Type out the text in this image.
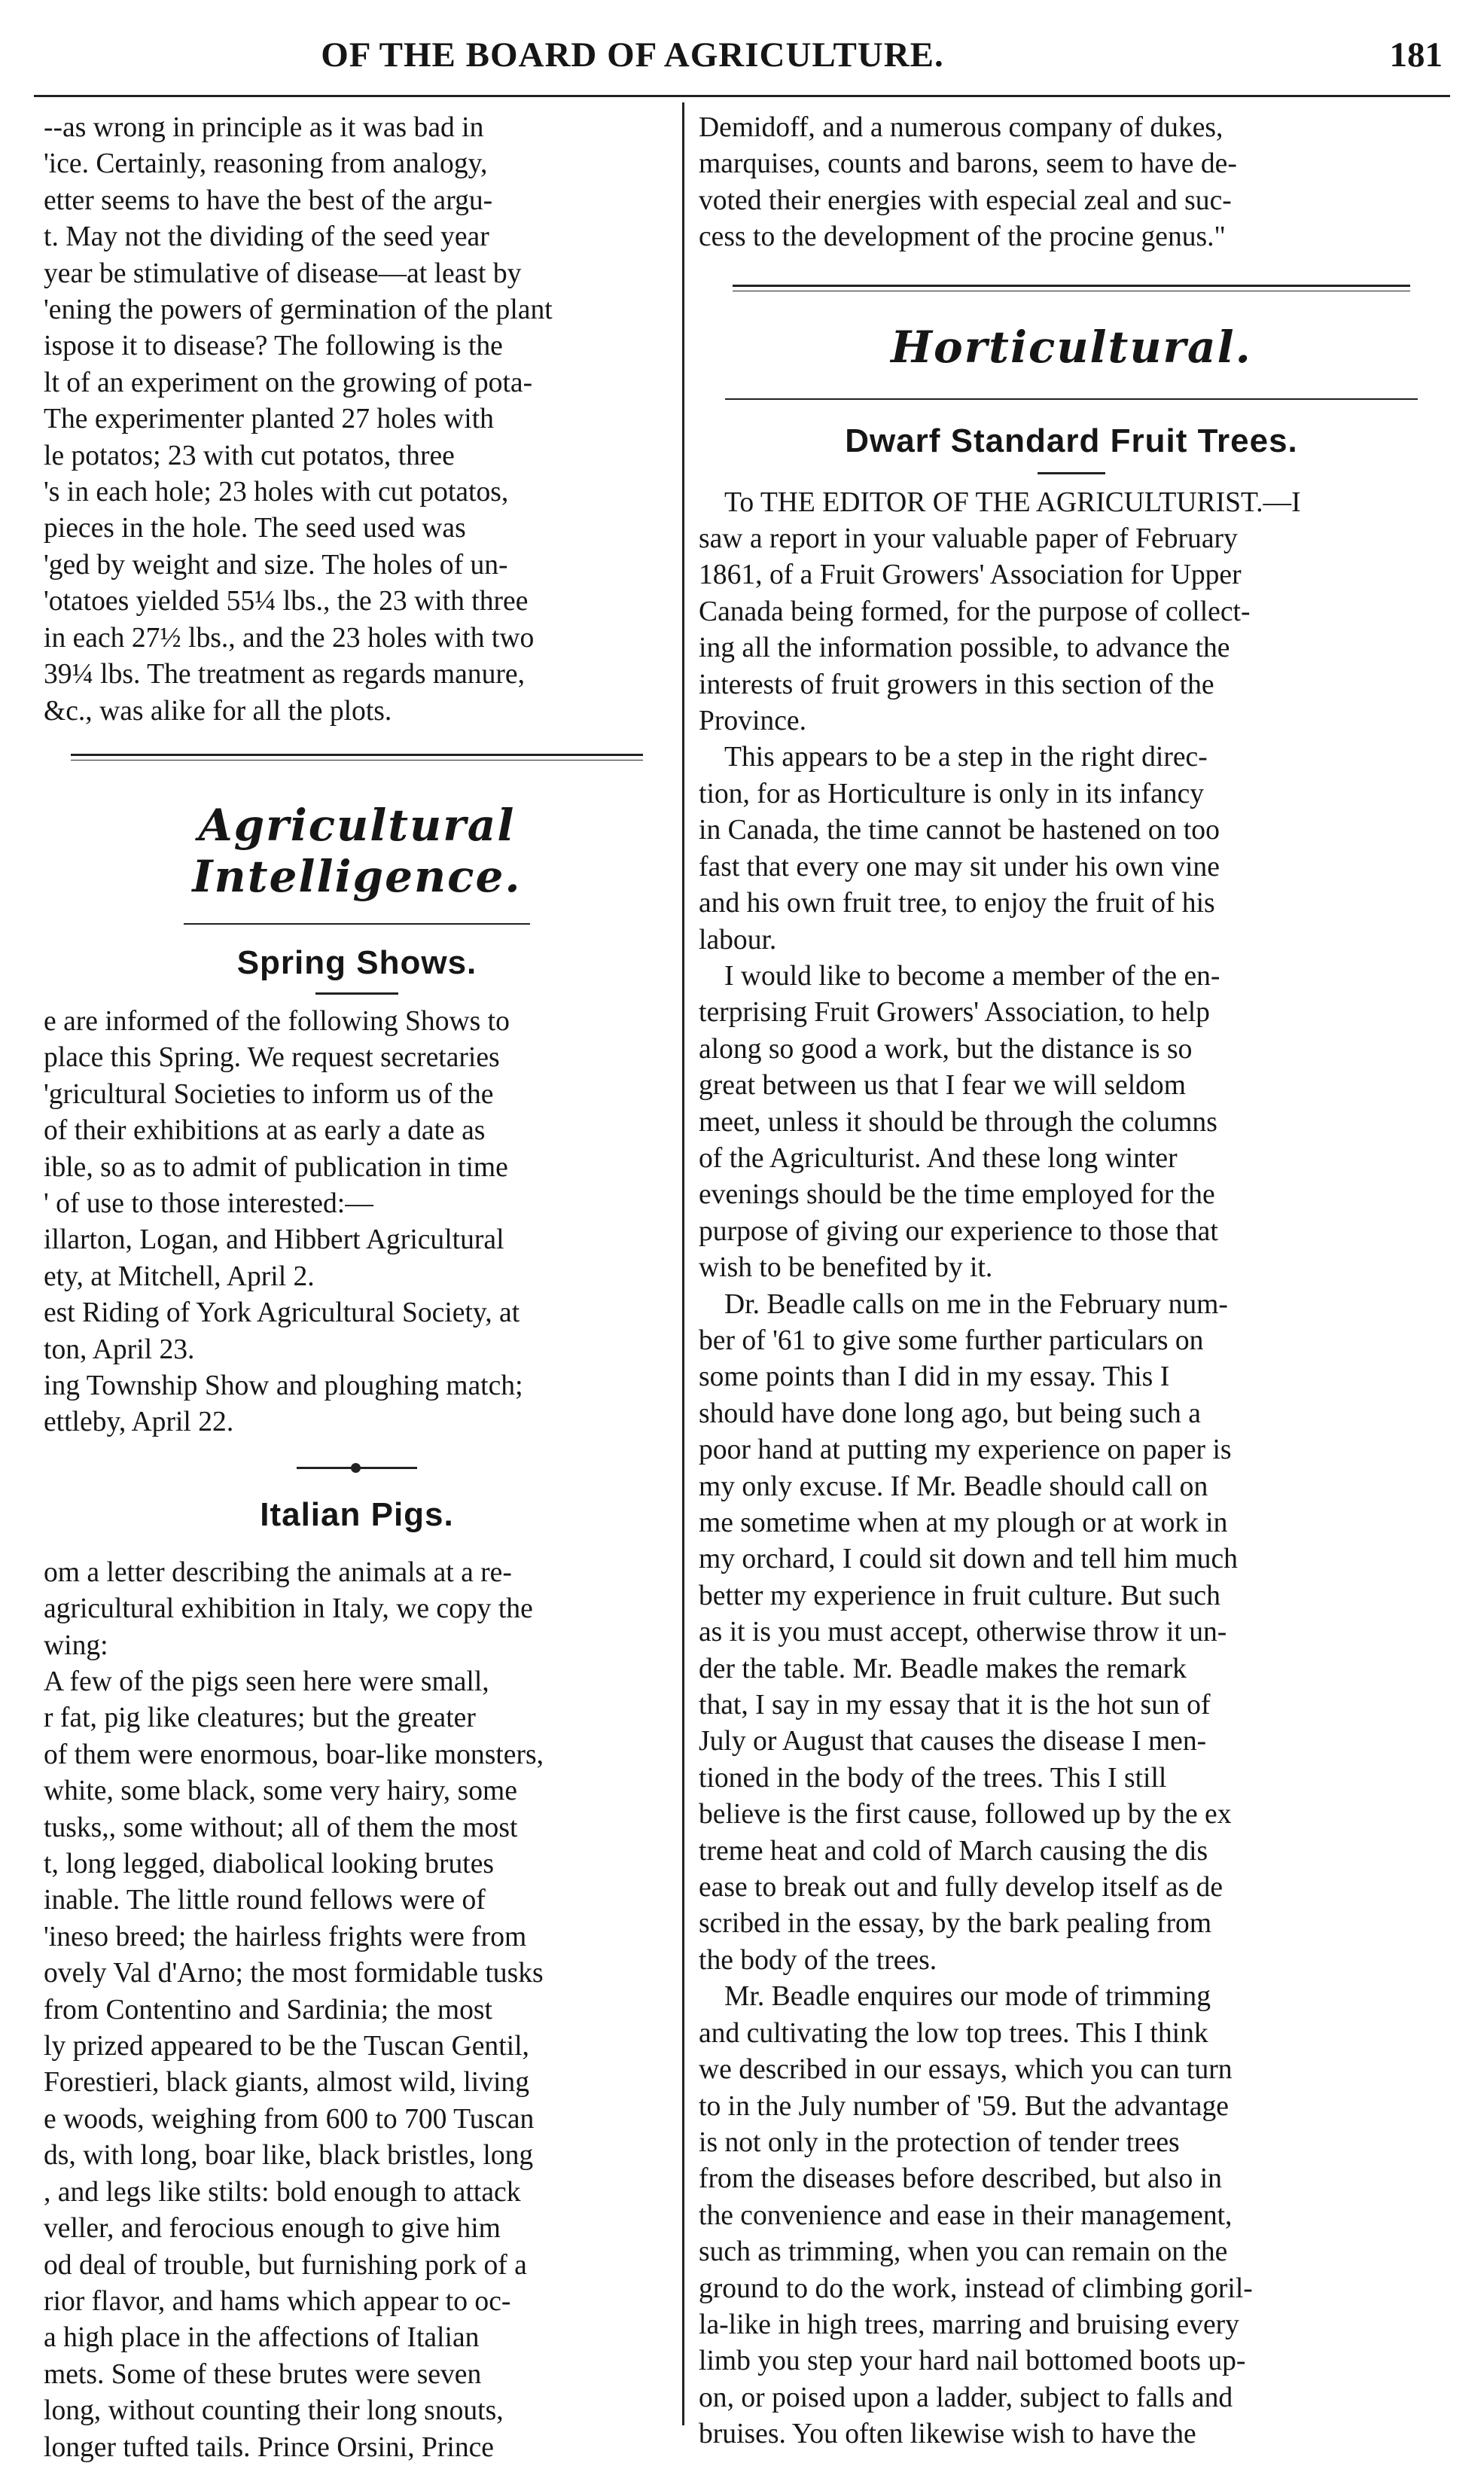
OF THE BOARD OF AGRICULTURE.	181

--as wrong in principle as it was bad in

'ice. Certainly, reasoning from analogy,

etter seems to have the best of the argu-

t. May not the dividing of the seed year

year be stimulative of disease—at least by

'ening the powers of germination of the plant

ispose it to disease? The following is the

lt of an experiment on the growing of pota-

The experimenter planted 27 holes with

le potatos; 23 with cut potatos, three

's in each hole; 23 holes with cut potatos,

pieces in the hole. The seed used was

'ged by weight and size. The holes of un-

'otatoes yielded 55¼ lbs., the 23 with three

in each 27½ lbs., and the 23 holes with two

39¼ lbs. The treatment as regards manure,

&c., was alike for all the plots.

Agricultural Intelligence.
Spring Shows.

e are informed of the following Shows to

place this Spring. We request secretaries

'gricultural Societies to inform us of the

of their exhibitions at as early a date as

ible, so as to admit of publication in time

' of use to those interested:—

illarton, Logan, and Hibbert Agricultural

ety, at Mitchell, April 2.

est Riding of York Agricultural Society, at

ton, April 23.

ing Township Show and ploughing match;

ettleby, April 22.

Italian Pigs.

om a letter describing the animals at a re-

agricultural exhibition in Italy, we copy the

wing:

A few of the pigs seen here were small,

r fat, pig like cleatures; but the greater

of them were enormous, boar-like monsters,

white, some black, some very hairy, some

tusks,, some without; all of them the most

t, long legged, diabolical looking brutes

inable. The little round fellows were of

'ineso breed; the hairless frights were from

ovely Val d'Arno; the most formidable tusks

from Contentino and Sardinia; the most

ly prized appeared to be the Tuscan Gentil,

Forestieri, black giants, almost wild, living

e woods, weighing from 600 to 700 Tuscan

ds, with long, boar like, black bristles, long

, and legs like stilts: bold enough to attack

veller, and ferocious enough to give him

od deal of trouble, but furnishing pork of a

rior flavor, and hams which appear to oc-

a high place in the affections of Italian

mets. Some of these brutes were seven

long, without counting their long snouts,

longer tufted tails. Prince Orsini, Prince

Demidoff, and a numerous company of dukes,

marquises, counts and barons, seem to have de-

voted their energies with especial zeal and suc-

cess to the development of the procine genus."

Horticultural.
Dwarf Standard Fruit Trees.

To THE EDITOR OF THE AGRICULTURIST.—I

saw a report in your valuable paper of February

1861, of a Fruit Growers' Association for Upper

Canada being formed, for the purpose of collect-

ing all the information possible, to advance the

interests of fruit growers in this section of the

Province.

This appears to be a step in the right direc-

tion, for as Horticulture is only in its infancy

in Canada, the time cannot be hastened on too

fast that every one may sit under his own vine

and his own fruit tree, to enjoy the fruit of his

labour.

I would like to become a member of the en-

terprising Fruit Growers' Association, to help

along so good a work, but the distance is so

great between us that I fear we will seldom

meet, unless it should be through the columns

of the Agriculturist. And these long winter

evenings should be the time employed for the

purpose of giving our experience to those that

wish to be benefited by it.

Dr. Beadle calls on me in the February num-

ber of '61 to give some further particulars on

some points than I did in my essay. This I

should have done long ago, but being such a

poor hand at putting my experience on paper is

my only excuse. If Mr. Beadle should call on

me sometime when at my plough or at work in

my orchard, I could sit down and tell him much

better my experience in fruit culture. But such

as it is you must accept, otherwise throw it un-

der the table. Mr. Beadle makes the remark

that, I say in my essay that it is the hot sun of

July or August that causes the disease I men-

tioned in the body of the trees. This I still

believe is the first cause, followed up by the ex

treme heat and cold of March causing the dis

ease to break out and fully develop itself as de

scribed in the essay, by the bark pealing from

the body of the trees.

Mr. Beadle enquires our mode of trimming

and cultivating the low top trees. This I think

we described in our essays, which you can turn

to in the July number of '59. But the advantage

is not only in the protection of tender trees

from the diseases before described, but also in

the convenience and ease in their management,

such as trimming, when you can remain on the

ground to do the work, instead of climbing goril-

la-like in high trees, marring and bruising every

limb you step your hard nail bottomed boots up-

on, or poised upon a ladder, subject to falls and

bruises. You often likewise wish to have the
